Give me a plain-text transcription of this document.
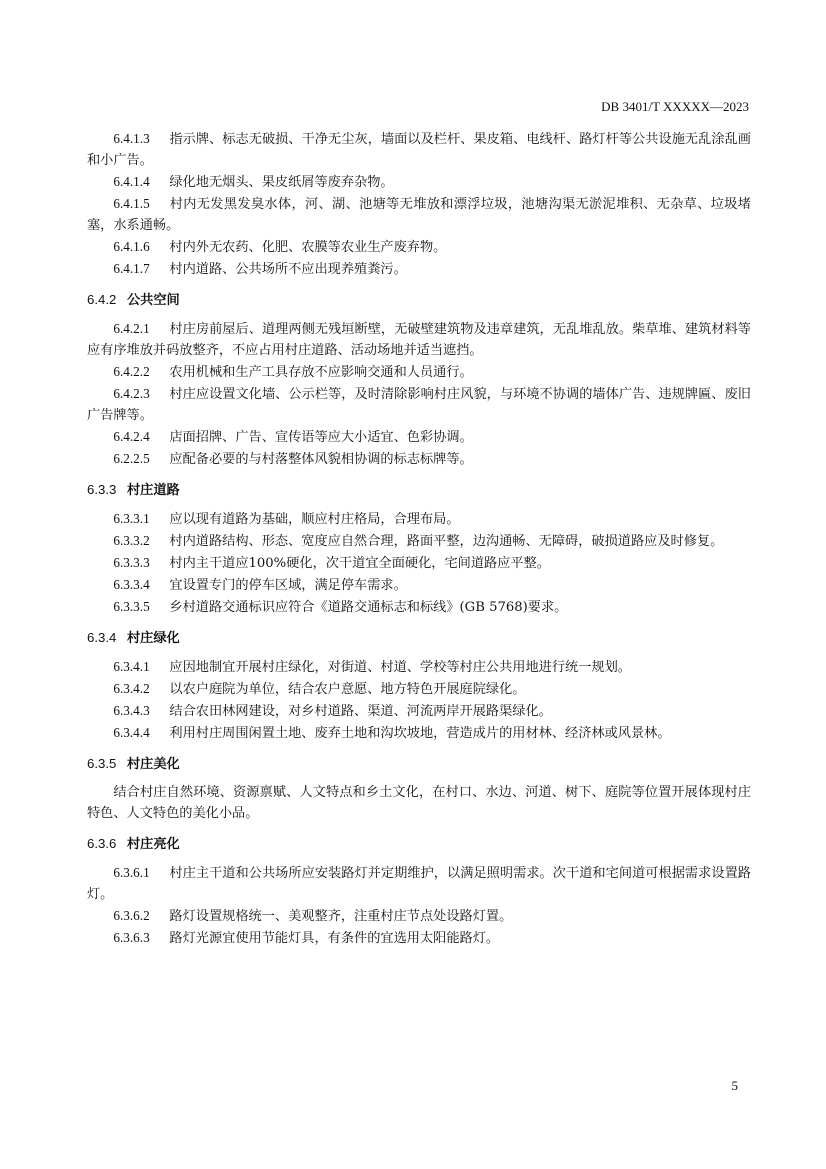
DB 3401/T XXXXX—2023

6.4.1.3 指示牌、标志无破损、干净无尘灰，墙面以及栏杆、果皮箱、电线杆、路灯杆等公共设施无乱涂乱画和小广告。

6.4.1.4 绿化地无烟头、果皮纸屑等废弃杂物。

6.4.1.5 村内无发黑发臭水体，河、湖、池塘等无堆放和漂浮垃圾，池塘沟渠无淤泥堆积、无杂草、垃圾堵塞，水系通畅。

6.4.1.6 村内外无农药、化肥、农膜等农业生产废弃物。

6.4.1.7 村内道路、公共场所不应出现养殖粪污。

6.4.2 公共空间

6.4.2.1 村庄房前屋后、道理两侧无残垣断壁，无破壁建筑物及违章建筑，无乱堆乱放。柴草堆、建筑材料等应有序堆放并码放整齐，不应占用村庄道路、活动场地并适当遮挡。

6.4.2.2 农用机械和生产工具存放不应影响交通和人员通行。

6.4.2.3 村庄应设置文化墙、公示栏等，及时清除影响村庄风貌，与环境不协调的墙体广告、违规牌匾、废旧广告牌等。

6.4.2.4 店面招牌、广告、宣传语等应大小适宜、色彩协调。

6.2.2.5 应配备必要的与村落整体风貌相协调的标志标牌等。

6.3.3 村庄道路

6.3.3.1 应以现有道路为基础，顺应村庄格局，合理布局。

6.3.3.2 村内道路结构、形态、宽度应自然合理，路面平整，边沟通畅、无障碍，破损道路应及时修复。

6.3.3.3 村内主干道应100%硬化，次干道宜全面硬化，宅间道路应平整。

6.3.3.4 宜设置专门的停车区域，满足停车需求。

6.3.3.5 乡村道路交通标识应符合《道路交通标志和标线》(GB 5768)要求。

6.3.4 村庄绿化

6.3.4.1 应因地制宜开展村庄绿化，对街道、村道、学校等村庄公共用地进行统一规划。

6.3.4.2 以农户庭院为单位，结合农户意愿、地方特色开展庭院绿化。

6.3.4.3 结合农田林网建设，对乡村道路、渠道、河流两岸开展路渠绿化。

6.3.4.4 利用村庄周围闲置土地、废弃土地和沟坎坡地，营造成片的用材林、经济林或风景林。

6.3.5 村庄美化

结合村庄自然环境、资源禀赋、人文特点和乡土文化，在村口、水边、河道、树下、庭院等位置开展体现村庄特色、人文特色的美化小品。

6.3.6 村庄亮化

6.3.6.1 村庄主干道和公共场所应安装路灯并定期维护，以满足照明需求。次干道和宅间道可根据需求设置路灯。

6.3.6.2 路灯设置规格统一、美观整齐，注重村庄节点处设路灯置。

6.3.6.3 路灯光源宜使用节能灯具，有条件的宜选用太阳能路灯。

5
